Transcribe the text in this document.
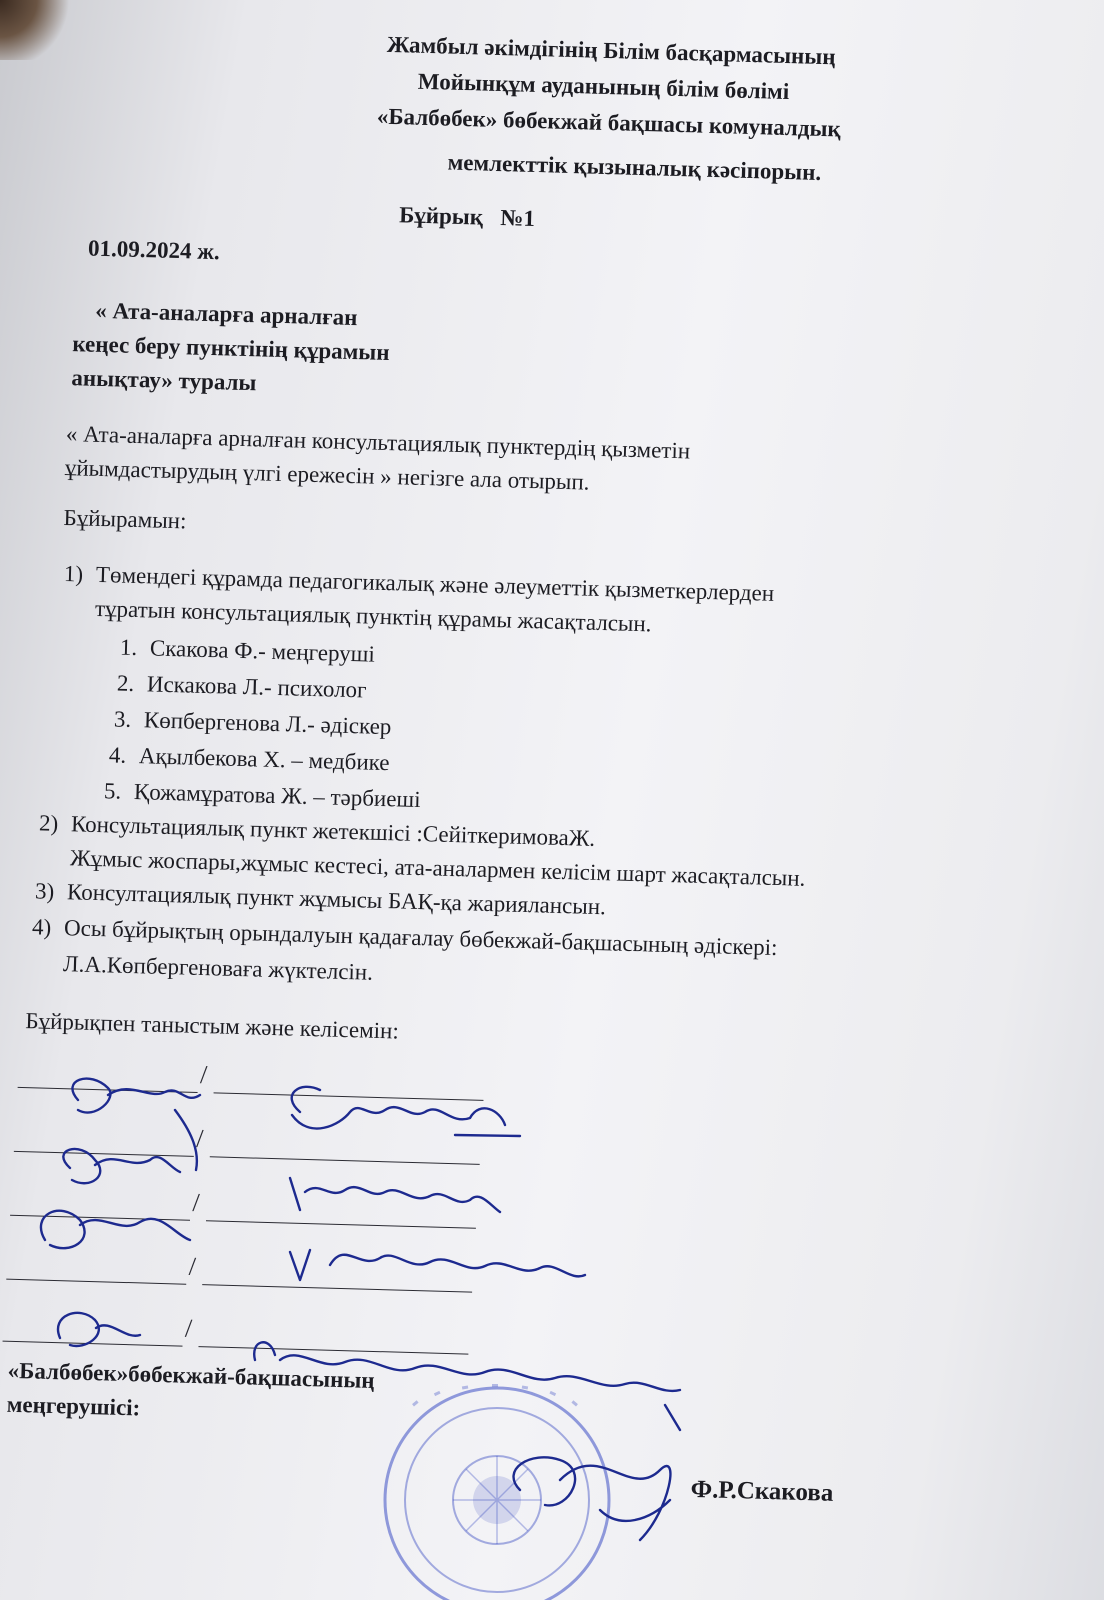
Жамбыл әкімдігінің Білім басқармасының
Мойынқұм ауданының білім бөлімі
«Балбөбек» бөбекжай бақшасы комуналдық
мемлекттік қызыналық кәсіпорын.
Бұйрық   №1
01.09.2024 ж.
« Ата-аналарға арналған
кеңес беру пунктінің құрамын
анықтау» туралы
« Ата-аналарға арналған консультациялық пунктердің қызметін
ұйымдастырудың үлгі ережесін » негізге ала отырып.
Бұйырамын:
1) Төмендегі құрамда педагогикалық және әлеуметтік қызметкерлерден
тұратын консультациялық пунктің құрамы жасақталсын.
1. Скакова Ф.- меңгеруші
2. Искакова Л.- психолог
3. Көпбергенова Л.- әдіскер
4. Ақылбекова Х. – медбике
5. Қожамұратова Ж. – тәрбиеші
2) Консультациялық пункт жетекшісі :СейіткеримоваЖ.
Жұмыс жоспары,жұмыс кестесі, ата-аналармен келісім шарт жасақталсын.
3) Консултациялық пункт жұмысы БАҚ-қа жариялансын.
4) Осы бұйрықтың орындалуын қадағалау бөбекжай-бақшасының әдіскері:
Л.А.Көпбергеноваға жүктелсін.
Бұйрықпен таныстым және келісемін:
/
/
/
/
/
«Балбөбек»бөбекжай-бақшасының
меңгерушісі:
Ф.Р.Скакова
